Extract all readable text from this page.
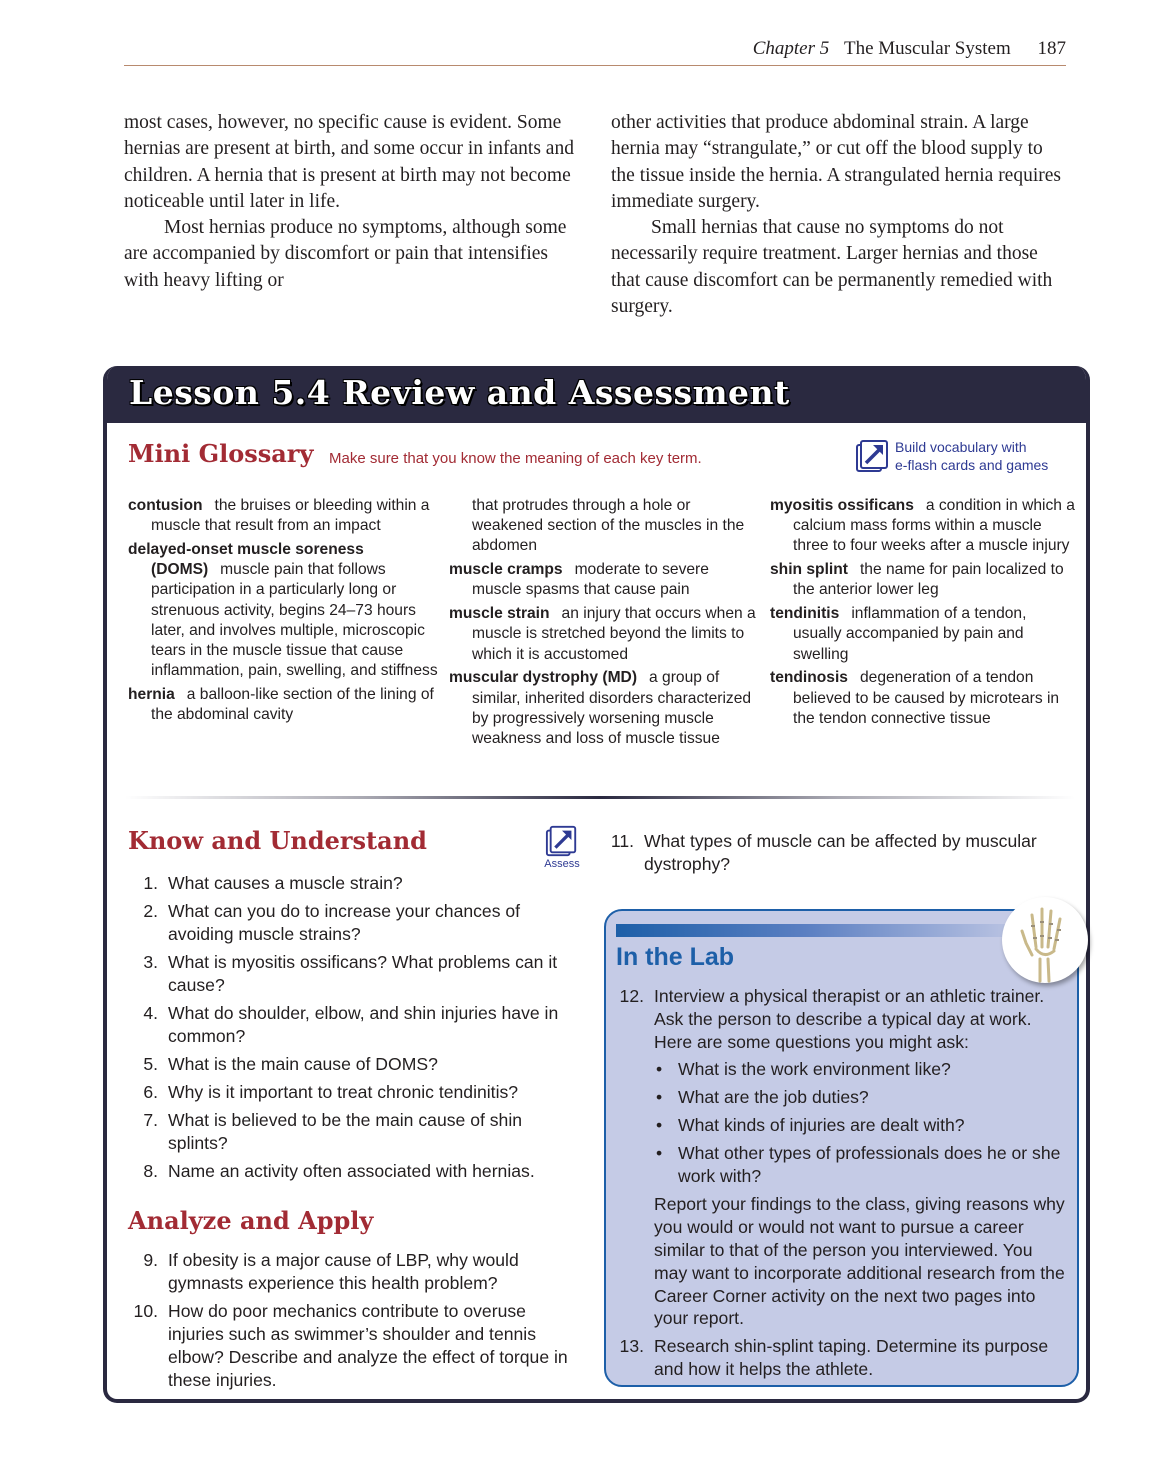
Chapter 5 The Muscular System 187

most cases, however, no specific cause is evident. Some hernias are present at birth, and some occur in infants and children. A hernia that is present at birth may not become noticeable until later in life.

Most hernias produce no symptoms, although some are accompanied by discomfort or pain that intensifies with heavy lifting or

other activities that produce abdominal strain. A large hernia may “strangulate,” or cut off the blood supply to the tissue inside the hernia. A strangulated hernia requires immediate surgery.

Small hernias that cause no symptoms do not necessarily require treatment. Larger hernias and those that cause discomfort can be permanently remedied with surgery.

Lesson 5.4 Review and Assessment
Mini Glossary Make sure that you know the meaning of each key term.
Build vocabulary with
e-flash cards and games
contusion the bruises or bleeding within a muscle that result from an impact
delayed-onset muscle soreness (DOMS) muscle pain that follows participation in a particularly long or strenuous activity, begins 24–73 hours later, and involves multiple, microscopic tears in the muscle tissue that cause inflammation, pain, swelling, and stiffness
hernia a balloon-like section of the lining of the abdominal cavity
that protrudes through a hole or weakened section of the muscles in the abdomen
muscle cramps moderate to severe muscle spasms that cause pain
muscle strain an injury that occurs when a muscle is stretched beyond the limits to which it is accustomed
muscular dystrophy (MD) a group of similar, inherited disorders characterized by progressively worsening muscle weakness and loss of muscle tissue
myositis ossificans a condition in which a calcium mass forms within a muscle three to four weeks after a muscle injury
shin splint the name for pain localized to the anterior lower leg
tendinitis inflammation of a tendon, usually accompanied by pain and swelling
tendinosis degeneration of a tendon believed to be caused by microtears in the tendon connective tissue
Know and Understand
Assess
1. What causes a muscle strain?
2. What can you do to increase your chances of avoiding muscle strains?
3. What is myositis ossificans? What problems can it cause?
4. What do shoulder, elbow, and shin injuries have in common?
5. What is the main cause of DOMS?
6. Why is it important to treat chronic tendinitis?
7. What is believed to be the main cause of shin splints?
8. Name an activity often associated with hernias.
Analyze and Apply
9. If obesity is a major cause of LBP, why would gymnasts experience this health problem?
10. How do poor mechanics contribute to overuse injuries such as swimmer’s shoulder and tennis elbow? Describe and analyze the effect of torque in these injuries.
11. What types of muscle can be affected by muscular dystrophy?
In the Lab
12. Interview a physical therapist or an athletic trainer. Ask the person to describe a typical day at work. Here are some questions you might ask:
• What is the work environment like?
• What are the job duties?
• What kinds of injuries are dealt with?
• What other types of professionals does he or she work with?
Report your findings to the class, giving reasons why you would or would not want to pursue a career similar to that of the person you interviewed. You may want to incorporate additional research from the Career Corner activity on the next two pages into your report.
13. Research shin-splint taping. Determine its purpose and how it helps the athlete.
